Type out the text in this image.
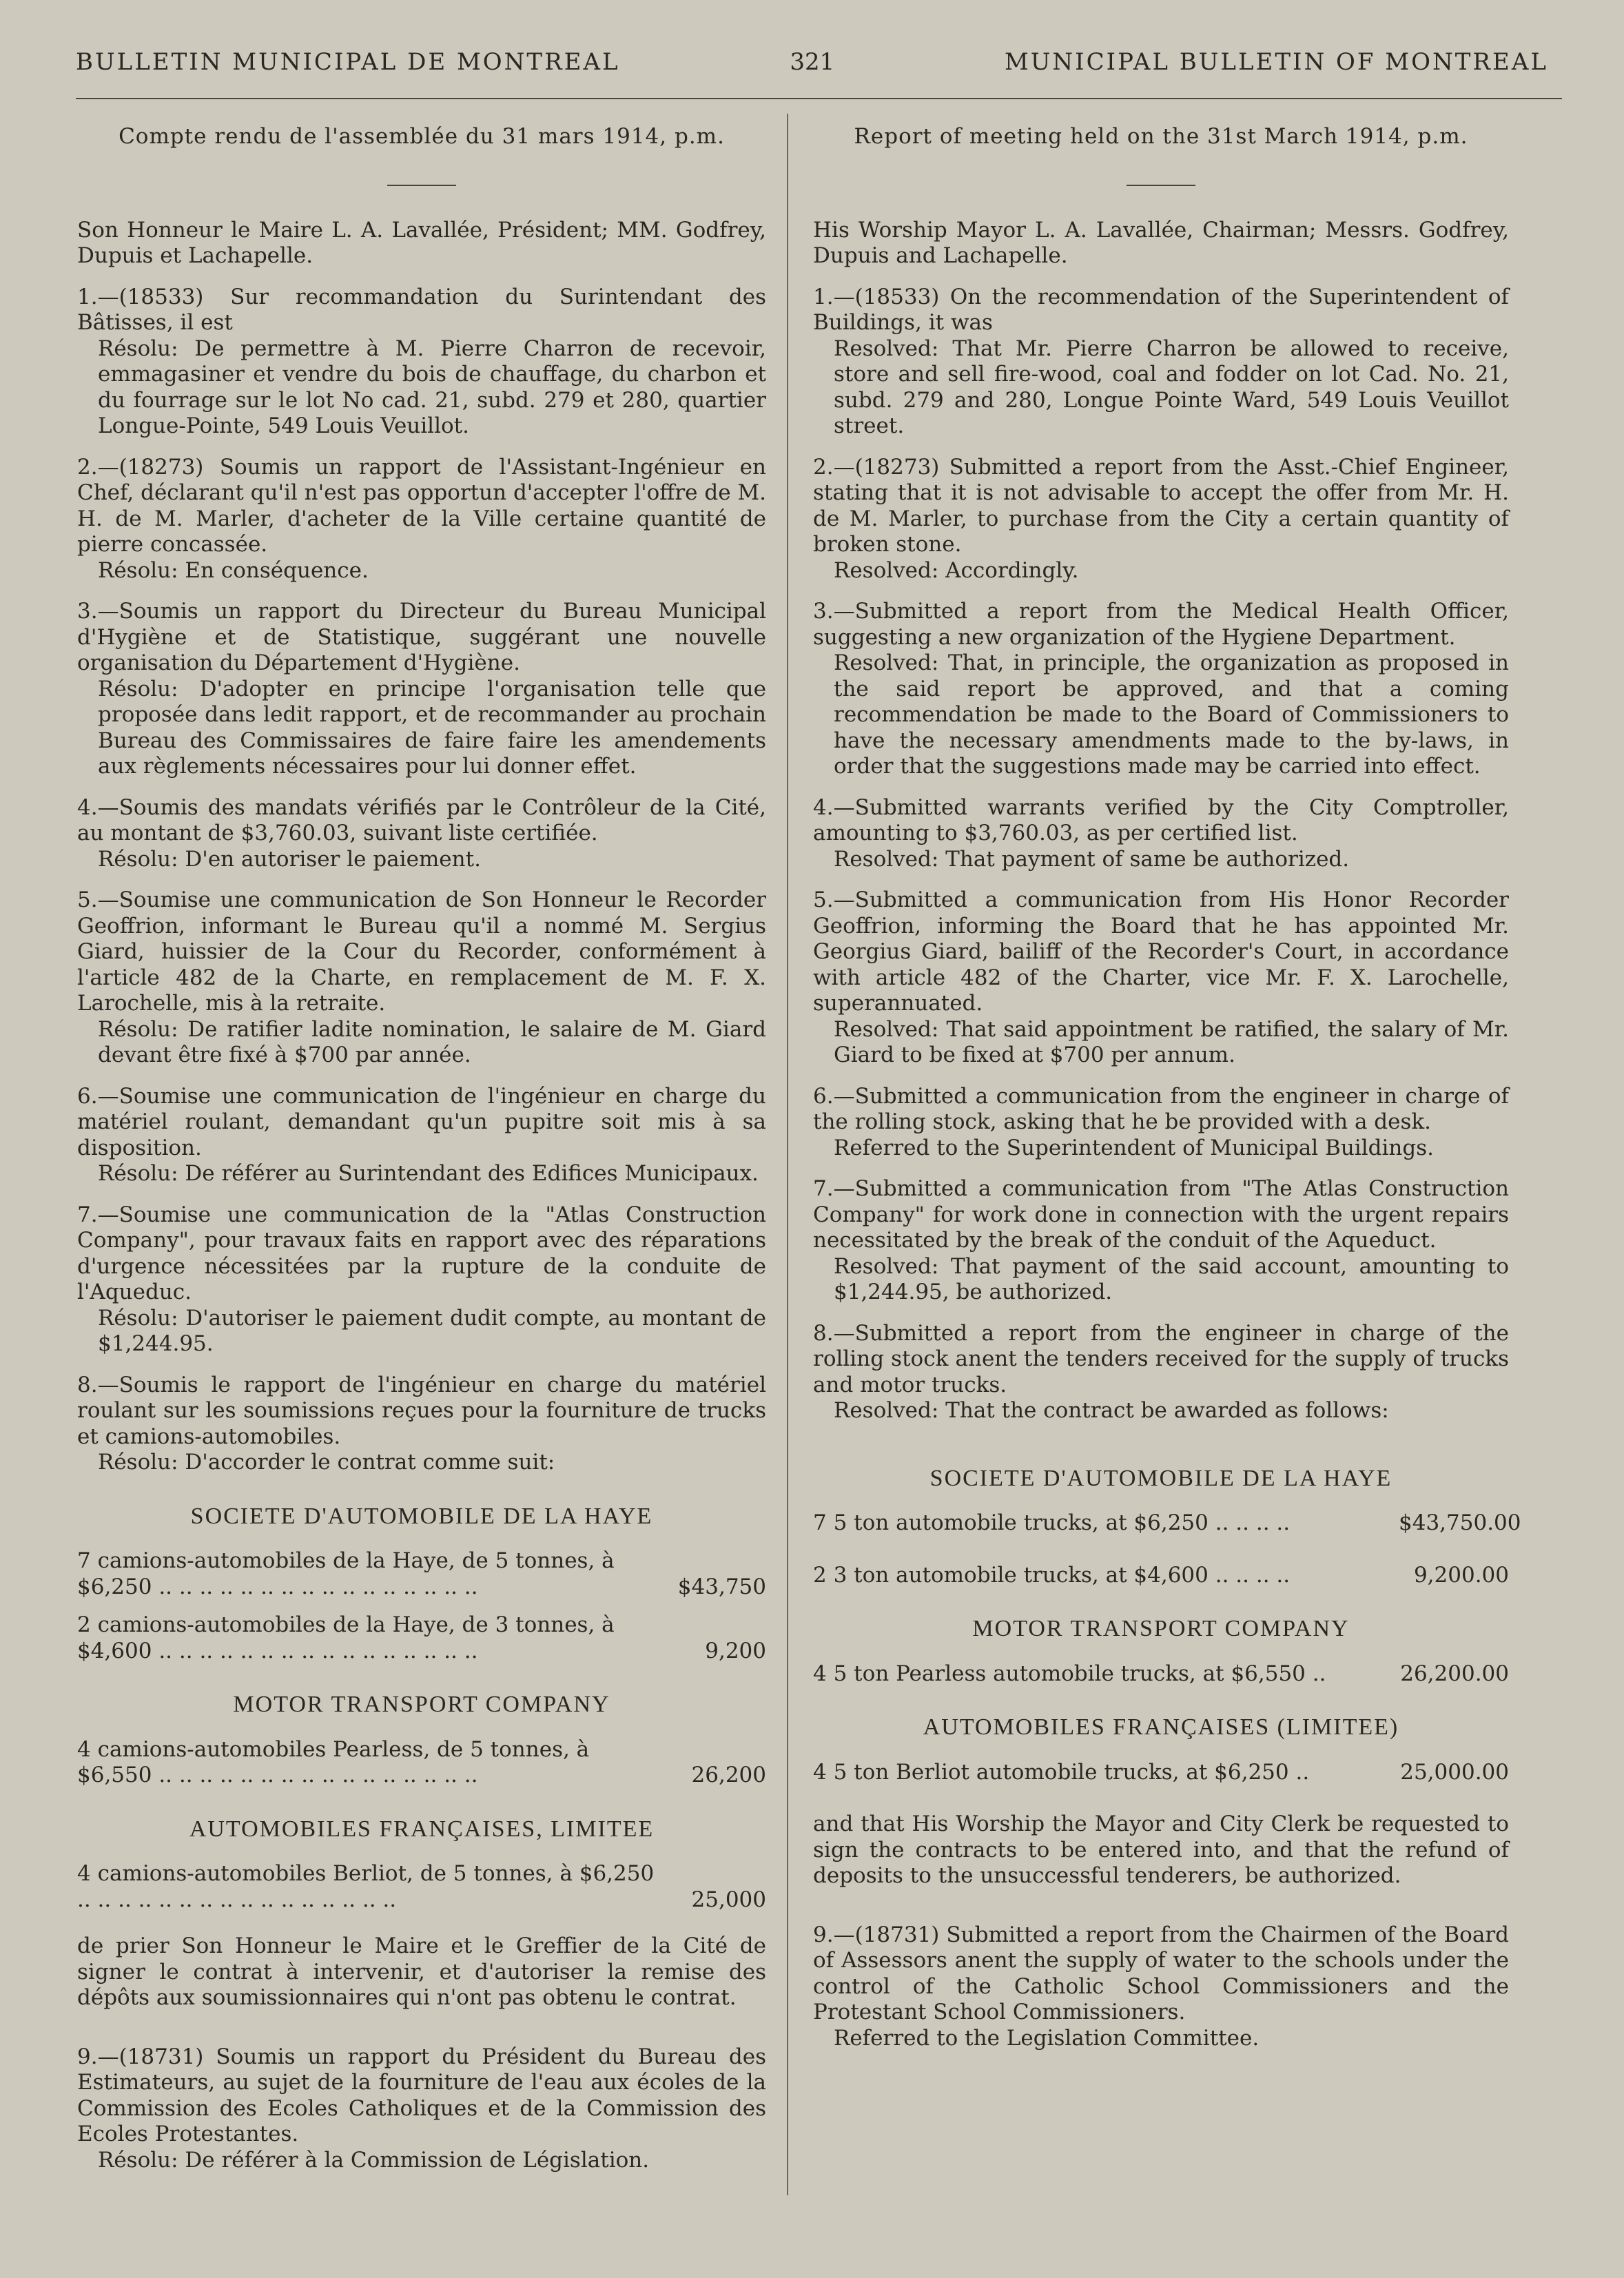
BULLETIN MUNICIPAL DE MONTREAL	321	MUNICIPAL BULLETIN OF MONTREAL
Compte rendu de l'assemblée du 31 mars 1914, p.m.

Son Honneur le Maire L. A. Lavallée, Président; MM. Godfrey, Dupuis et Lachapelle.

1.—(18533) Sur recommandation du Surintendant des Bâtisses, il est
Résolu: De permettre à M. Pierre Charron de recevoir, emmagasiner et vendre du bois de chauffage, du charbon et du fourrage sur le lot No cad. 21, subd. 279 et 280, quartier Longue-Pointe, 549 Louis Veuillot.

2.—(18273) Soumis un rapport de l'Assistant-Ingénieur en Chef, déclarant qu'il n'est pas opportun d'accepter l'offre de M. H. de M. Marler, d'acheter de la Ville certaine quantité de pierre concassée.
Résolu: En conséquence.

3.—Soumis un rapport du Directeur du Bureau Municipal d'Hygiène et de Statistique, suggérant une nouvelle organisation du Département d'Hygiène.
Résolu: D'adopter en principe l'organisation telle que proposée dans ledit rapport, et de recommander au prochain Bureau des Commissaires de faire faire les amendements aux règlements nécessaires pour lui donner effet.

4.—Soumis des mandats vérifiés par le Contrôleur de la Cité, au montant de $3,760.03, suivant liste certifiée.
Résolu: D'en autoriser le paiement.

5.—Soumise une communication de Son Honneur le Recorder Geoffrion, informant le Bureau qu'il a nommé M. Sergius Giard, huissier de la Cour du Recorder, conformément à l'article 482 de la Charte, en remplacement de M. F. X. Larochelle, mis à la retraite.
Résolu: De ratifier ladite nomination, le salaire de M. Giard devant être fixé à $700 par année.

6.—Soumise une communication de l'ingénieur en charge du matériel roulant, demandant qu'un pupitre soit mis à sa disposition.
Résolu: De référer au Surintendant des Edifices Municipaux.

7.—Soumise une communication de la "Atlas Construction Company", pour travaux faits en rapport avec des réparations d'urgence nécessitées par la rupture de la conduite de l'Aqueduc.
Résolu: D'autoriser le paiement dudit compte, au montant de $1,244.95.

8.—Soumis le rapport de l'ingénieur en charge du matériel roulant sur les soumissions reçues pour la fourniture de trucks et camions-automobiles.
Résolu: D'accorder le contrat comme suit:

SOCIETE D'AUTOMOBILE DE LA HAYE
7 camions-automobiles de la Haye, de 5 tonnes, à $6,250 .. .. .. .. .. .. .. .. .. .. .. .. .. .. .. ..	$43,750
2 camions-automobiles de la Haye, de 3 tonnes, à $4,600 .. .. .. .. .. .. .. .. .. .. .. .. .. .. .. ..	9,200
MOTOR TRANSPORT COMPANY
4 camions-automobiles Pearless, de 5 tonnes, à $6,550 .. .. .. .. .. .. .. .. .. .. .. .. .. .. .. ..	26,200
AUTOMOBILES FRANÇAISES, LIMITEE
4 camions-automobiles Berliot, de 5 tonnes, à $6,250 .. .. .. .. .. .. .. .. .. .. .. .. .. .. .. ..	25,000

de prier Son Honneur le Maire et le Greffier de la Cité de signer le contrat à intervenir, et d'autoriser la remise des dépôts aux soumissionnaires qui n'ont pas obtenu le contrat.

9.—(18731) Soumis un rapport du Président du Bureau des Estimateurs, au sujet de la fourniture de l'eau aux écoles de la Commission des Ecoles Catholiques et de la Commission des Ecoles Protestantes.
Résolu: De référer à la Commission de Législation.

Report of meeting held on the 31st March 1914, p.m.

His Worship Mayor L. A. Lavallée, Chairman; Messrs. Godfrey, Dupuis and Lachapelle.

1.—(18533) On the recommendation of the Superintendent of Buildings, it was
Resolved: That Mr. Pierre Charron be allowed to receive, store and sell fire-wood, coal and fodder on lot Cad. No. 21, subd. 279 and 280, Longue Pointe Ward, 549 Louis Veuillot street.

2.—(18273) Submitted a report from the Asst.-Chief Engineer, stating that it is not advisable to accept the offer from Mr. H. de M. Marler, to purchase from the City a certain quantity of broken stone.
Resolved: Accordingly.

3.—Submitted a report from the Medical Health Officer, suggesting a new organization of the Hygiene Department.
Resolved: That, in principle, the organization as proposed in the said report be approved, and that a coming recommendation be made to the Board of Commissioners to have the necessary amendments made to the by-laws, in order that the suggestions made may be carried into effect.

4.—Submitted warrants verified by the City Comptroller, amounting to $3,760.03, as per certified list.
Resolved: That payment of same be authorized.

5.—Submitted a communication from His Honor Recorder Geoffrion, informing the Board that he has appointed Mr. Georgius Giard, bailiff of the Recorder's Court, in accordance with article 482 of the Charter, vice Mr. F. X. Larochelle, superannuated.
Resolved: That said appointment be ratified, the salary of Mr. Giard to be fixed at $700 per annum.

6.—Submitted a communication from the engineer in charge of the rolling stock, asking that he be provided with a desk.
Referred to the Superintendent of Municipal Buildings.

7.—Submitted a communication from "The Atlas Construction Company" for work done in connection with the urgent repairs necessitated by the break of the conduit of the Aqueduct.
Resolved: That payment of the said account, amounting to $1,244.95, be authorized.

8.—Submitted a report from the engineer in charge of the rolling stock anent the tenders received for the supply of trucks and motor trucks.
Resolved: That the contract be awarded as follows:

SOCIETE D'AUTOMOBILE DE LA HAYE
7 5 ton automobile trucks, at $6,250 .. .. .. ..	$43,750.00
2 3 ton automobile trucks, at $4,600 .. .. .. ..	9,200.00
MOTOR TRANSPORT COMPANY
4 5 ton Pearless automobile trucks, at $6,550 ..	26,200.00
AUTOMOBILES FRANÇAISES (LIMITEE)
4 5 ton Berliot automobile trucks, at $6,250 ..	25,000.00

and that His Worship the Mayor and City Clerk be requested to sign the contracts to be entered into, and that the refund of deposits to the unsuccessful tenderers, be authorized.

9.—(18731) Submitted a report from the Chairmen of the Board of Assessors anent the supply of water to the schools under the control of the Catholic School Commissioners and the Protestant School Commissioners.
Referred to the Legislation Committee.
